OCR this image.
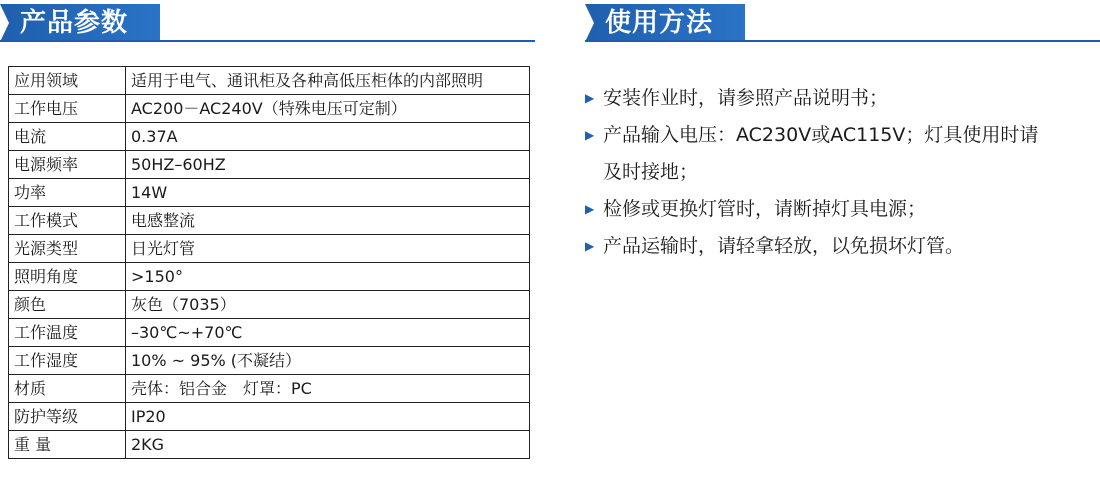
产品参数	使用方法
应用领域	适用于电气、通讯柜及各种高低压柜体的内部照明
工作电压	AC200－AC240V（特殊电压可定制）
电流	0.37A
电源频率	50HZ–60HZ
功率	14W
工作模式	电感整流
光源类型	日光灯管
照明角度	>150°
颜色	灰色（7035）
工作温度	–30℃~+70℃
工作湿度	10% ~ 95% (不凝结）
材质	壳体：铝合金　灯罩：PC
防护等级	IP20
重 量	2KG
▶ 安装作业时，请参照产品说明书；
▶ 产品输入电压：AC230V或AC115V；灯具使用时请
及时接地；
▶ 检修或更换灯管时，请断掉灯具电源；
▶ 产品运输时，请轻拿轻放，以免损坏灯管。
